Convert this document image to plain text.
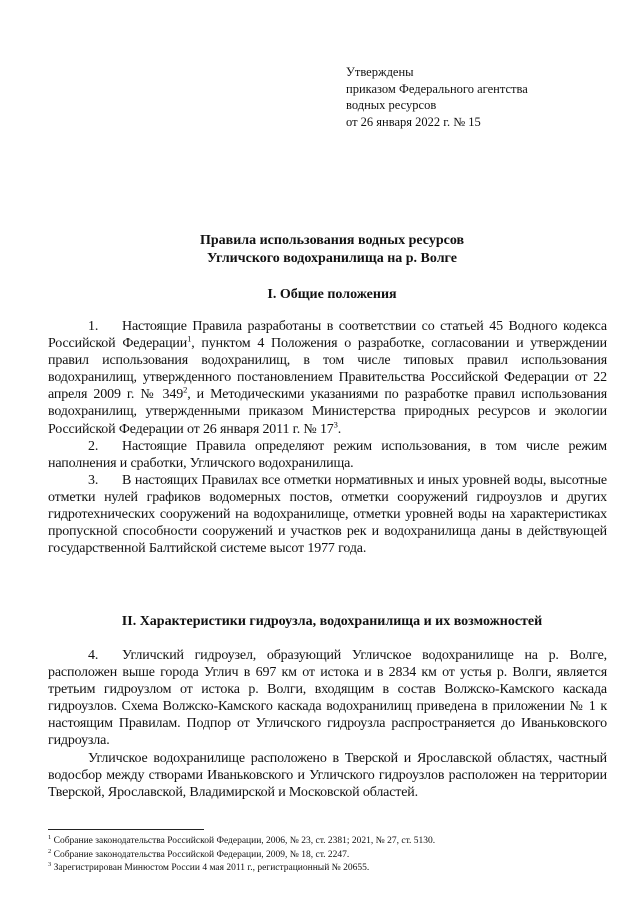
Утверждены
приказом Федерального агентства
водных ресурсов
от 26 января 2022 г. № 15
Правила использования водных ресурсов
Угличского водохранилища на р. Волге
I. Общие положения

1. Настоящие Правила разработаны в соответствии со статьей 45 Водного кодекса Российской Федерации$^1$, пунктом 4 Положения о разработке, согласовании и утверждении правил использования водохранилищ, в том числе типовых правил использования водохранилищ, утвержденного постановлением Правительства Российской Федерации от 22 апреля 2009 г. № $349^2$, и Методическими указаниями по разработке правил использования водохранилищ, утвержденными приказом Министерства природных ресурсов и экологии Российской Федерации от 26 января 2011 г. № $17^3$.

2. Настоящие Правила определяют режим использования, в том числе режим наполнения и сработки, Угличского водохранилища.

3. В настоящих Правилах все отметки нормативных и иных уровней воды, высотные отметки нулей графиков водомерных постов, отметки сооружений гидроузлов и других гидротехнических сооружений на водохранилище, отметки уровней воды на характеристиках пропускной способности сооружений и участков рек и водохранилища даны в действующей государственной Балтийской системе высот 1977 года.

II. Характеристики гидроузла, водохранилища и их возможностей

4. Угличский гидроузел, образующий Угличское водохранилище на р. Волге, расположен выше города Углич в 697 км от истока и в 2834 км от устья р. Волги, является третьим гидроузлом от истока р. Волги, входящим в состав Волжско-Камского каскада гидроузлов. Схема Волжско-Камского каскада водохранилищ приведена в приложении № 1 к настоящим Правилам. Подпор от Угличского гидроузла распространяется до Иваньковского гидроузла.

Угличское водохранилище расположено в Тверской и Ярославской областях, частный водосбор между створами Иваньковского и Угличского гидроузлов расположен на территории Тверской, Ярославской, Владимирской и Московской областей.

$^1$ Собрание законодательства Российской Федерации, 2006, № 23, ст. 2381; 2021, № 27, ст. 5130.
$^2$ Собрание законодательства Российской Федерации, 2009, № 18, ст. 2247.
$^3$ Зарегистрирован Минюстом России 4 мая 2011 г., регистрационный № 20655.
